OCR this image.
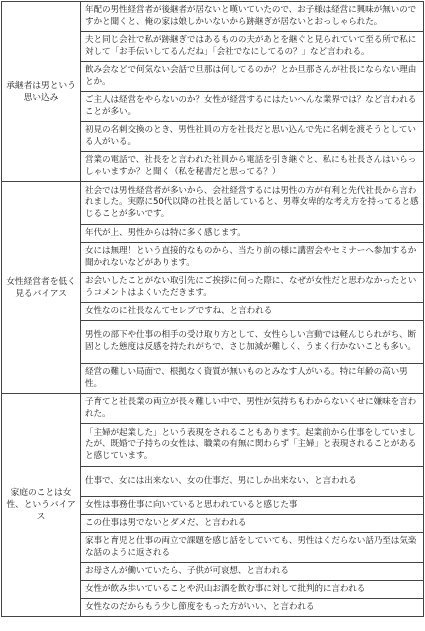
承継者は男という思い込み	年配の男性経営者が後継者が居ないと嘆いていたので、お子様は経営に興味が無いのですかと聞くと、俺の家は娘しかいないから跡継ぎが居ないとおっしゃられた。
	夫と同じ会社で私が跡継ぎではあるものの夫があとを継ぐと見られていて至る所で私に対して「お手伝いしてるんだね」「会社でなにしてるの？」など言われる。
	飲み会などで何気ない会話で旦那は何してるのか？とか旦那さんが社長にならない理由とか。
	ご主人は経営をやらないのか？女性が経営するにはたいへんな業界では？など言われることが多い。
	初見の名刺交換のとき、男性社員の方を社長だと思い込んで先に名刺を渡そうとしている人がいる。
	営業の電話で、社長をと言われた社員から電話を引き継ぐと、私にも社長さんはいらっしゃいますか？と聞く（私を秘書だと思ってる？）
女性経営者を低く見るバイアス	社会では男性経営者が多いから、会社経営するには男性の方が有利と先代社長から言われました。実際に50代以降の社長と話していると、男尊女卑的な考え方を持ってると感じることが多いです。
	年代が上、男性からは特に多く感じます。
	女には無理！という直接的なものから、当たり前の様に講習会やセミナーへ参加するか聞かれないなどがあります。
	お会いしたことがない取引先にご挨拶に伺った際に、なぜが女性だと思わなかったというコメントはよくいただきます。
	女性なのに社長なんてセレブですね、と言われる
	男性の部下や仕事の相手の受け取り方として、女性らしい言動では軽んじられがち、断固とした態度は反感を持たれがちで、さじ加減が難しく、うまく行かないことも多い。
	経営の難しい局面で、根拠なく資質が無いものとみなす人がいる。特に年齢の高い男性。
家庭のことは女性、というバイアス	子育てと社長業の両立が長々難しい中で、男性が気持ちもわからないくせに嫌味を言われた。
	「主婦が起業した」という表現をされることもあります。起業前から仕事をしていましたが、既婚で子持ちの女性は、職業の有無に関わらず「主婦」と表現されることがあると感じています。
	仕事で、女には出来ない、女の仕事だ、男にしか出来ない、と言われる
	女性は事務仕事に向いていると思われていると感じた事
	この仕事は男でないとダメだ、と言われる
	家事と育児と仕事の両立で課題を感じ話をしていても、男性はくだらない話乃至は気楽な話のように返される
	お母さんが働いていたら、子供が可哀想、と言われる
	女性が飲み歩いていることや沢山お酒を飲む事に対して批判的に言われる
	女性なのだからもう少し節度をもった方がいい、と言われる
